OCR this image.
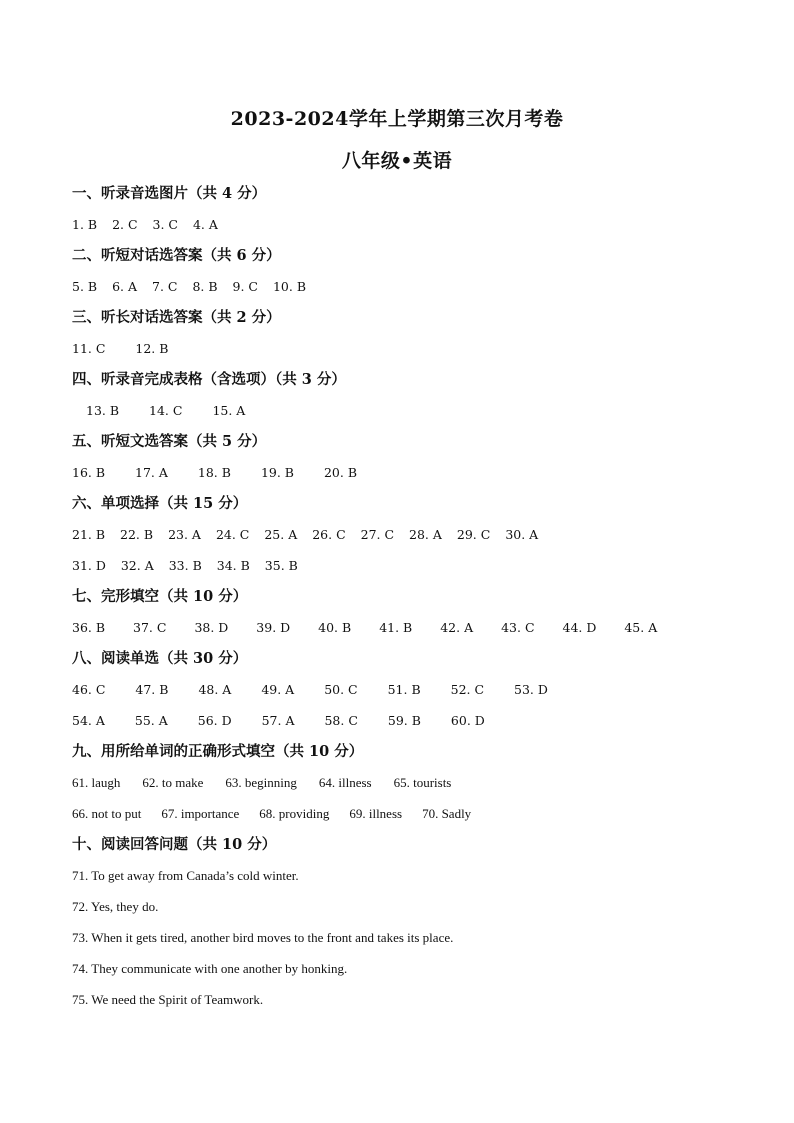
2023-2024学年上学期第三次月考卷
八年级•英语
一、听录音选图片（共 4 分）
1. B 2. C 3. C 4. A
二、听短对话选答案（共 6 分）
5. B 6. A 7. C 8. B 9. C 10. B
三、听长对话选答案（共 2 分）
11. C 12. B
四、听录音完成表格（含选项）（共 3 分）
13. B 14. C 15. A
五、听短文选答案（共 5 分）
16. B 17. A 18. B 19. B 20. B
六、单项选择（共 15 分）
21. B 22. B 23. A 24. C 25. A 26. C 27. C 28. A 29. C 30. A
31. D 32. A 33. B 34. B 35. B
七、完形填空（共 10 分）
36. B 37. C 38. D 39. D 40. B 41. B 42. A 43. C 44. D 45. A
八、阅读单选（共 30 分）
46. C 47. B 48. A 49. A 50. C 51. B 52. C 53. D
54. A 55. A 56. D 57. A 58. C 59. B 60. D
九、用所给单词的正确形式填空（共 10 分）
61. laugh 62. to make 63. beginning 64. illness 65. tourists
66. not to put 67. importance 68. providing 69. illness 70. Sadly
十、阅读回答问题（共 10 分）
71. To get away from Canada’s cold winter.
72. Yes, they do.
73. When it gets tired, another bird moves to the front and takes its place.
74. They communicate with one another by honking.
75. We need the Spirit of Teamwork.
